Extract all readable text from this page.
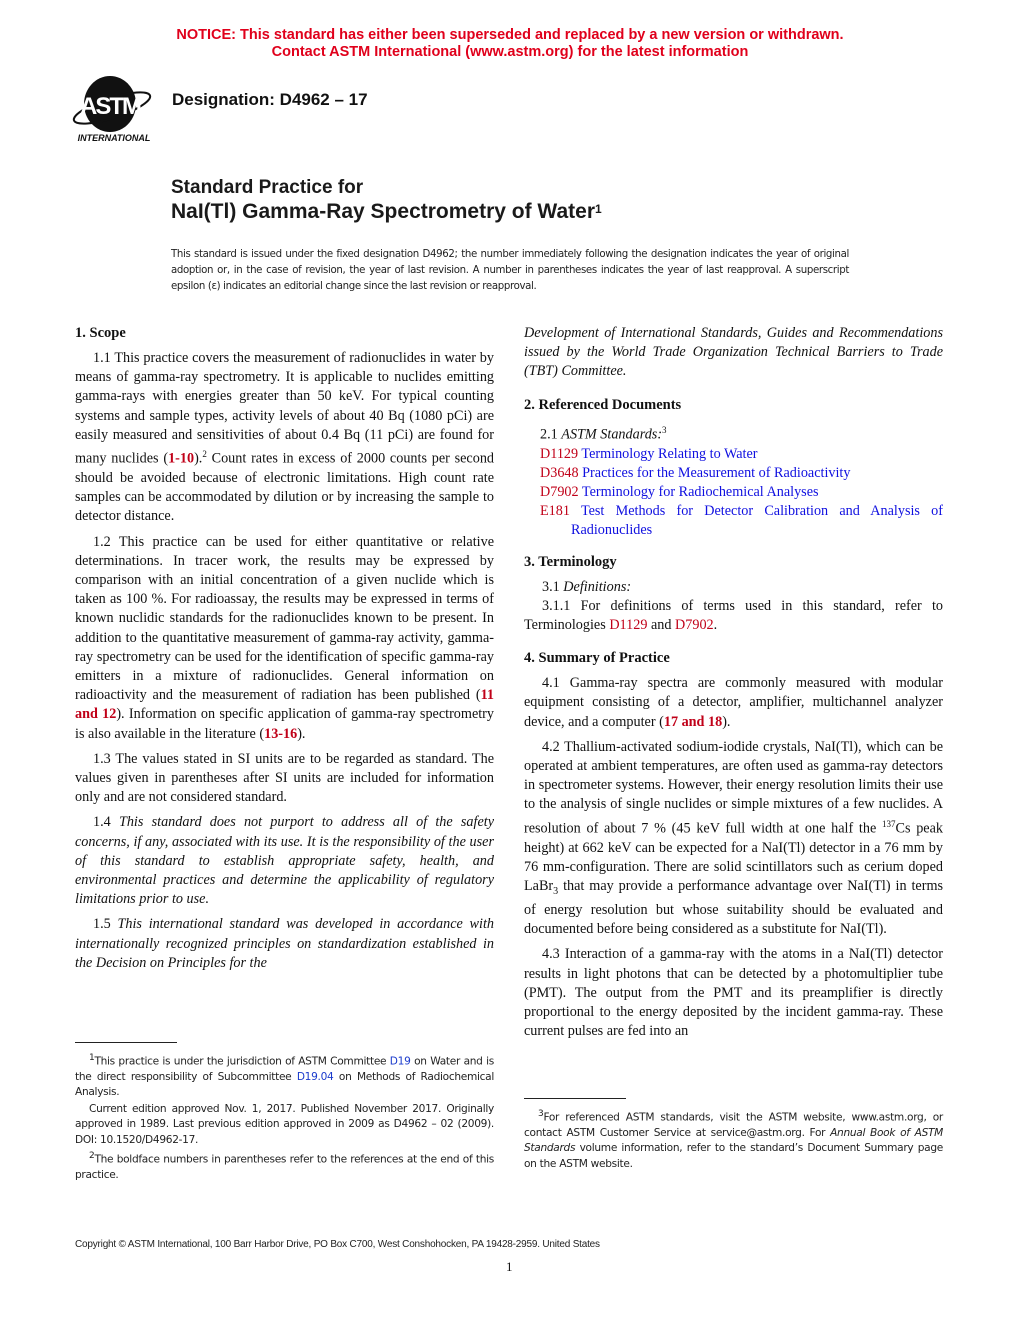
NOTICE: This standard has either been superseded and replaced by a new version or withdrawn.
Contact ASTM International (www.astm.org) for the latest information
ASTM
INTERNATIONAL
Designation: D4962 – 17
Standard Practice for
NaI(Tl) Gamma-Ray Spectrometry of Water$^1$
This standard is issued under the fixed designation D4962; the number immediately following the designation indicates the year of original adoption or, in the case of revision, the year of last revision. A number in parentheses indicates the year of last reapproval. A superscript epsilon (ε) indicates an editorial change since the last revision or reapproval.
1. Scope

1.1 This practice covers the measurement of radionuclides in water by means of gamma-ray spectrometry. It is applicable to nuclides emitting gamma-rays with energies greater than 50 keV. For typical counting systems and sample types, activity levels of about 40 Bq (1080 pCi) are easily measured and sensitivities of about 0.4 Bq (11 pCi) are found for many nuclides (1-10).$^2$ Count rates in excess of 2000 counts per second should be avoided because of electronic limitations. High count rate samples can be accommodated by dilution or by increasing the sample to detector distance.

1.2 This practice can be used for either quantitative or relative determinations. In tracer work, the results may be expressed by comparison with an initial concentration of a given nuclide which is taken as 100 %. For radioassay, the results may be expressed in terms of known nuclidic standards for the radionuclides known to be present. In addition to the quantitative measurement of gamma-ray activity, gamma-ray spectrometry can be used for the identification of specific gamma-ray emitters in a mixture of radionuclides. General information on radioactivity and the measurement of radiation has been published (11 and 12). Information on specific application of gamma-ray spectrometry is also available in the literature (13-16).

1.3 The values stated in SI units are to be regarded as standard. The values given in parentheses after SI units are included for information only and are not considered standard.

1.4 This standard does not purport to address all of the safety concerns, if any, associated with its use. It is the responsibility of the user of this standard to establish appropriate safety, health, and environmental practices and determine the applicability of regulatory limitations prior to use.

1.5 This international standard was developed in accordance with internationally recognized principles on standardization established in the Decision on Principles for the

$^1$This practice is under the jurisdiction of ASTM Committee D19 on Water and is the direct responsibility of Subcommittee D19.04 on Methods of Radiochemical Analysis.

Current edition approved Nov. 1, 2017. Published November 2017. Originally approved in 1989. Last previous edition approved in 2009 as D4962 – 02 (2009). DOI: 10.1520/D4962-17.

$^2$The boldface numbers in parentheses refer to the references at the end of this practice.

Development of International Standards, Guides and Recommendations issued by the World Trade Organization Technical Barriers to Trade (TBT) Committee.

2. Referenced Documents
2.1 ASTM Standards:$^3$
D1129 Terminology Relating to Water
D3648 Practices for the Measurement of Radioactivity
D7902 Terminology for Radiochemical Analyses
E181 Test Methods for Detector Calibration and Analysis of Radionuclides
3. Terminology

3.1 Definitions:

3.1.1 For definitions of terms used in this standard, refer to Terminologies D1129 and D7902.

4. Summary of Practice

4.1 Gamma-ray spectra are commonly measured with modular equipment consisting of a detector, amplifier, multichannel analyzer device, and a computer (17 and 18).

4.2 Thallium-activated sodium-iodide crystals, NaI(Tl), which can be operated at ambient temperatures, are often used as gamma-ray detectors in spectrometer systems. However, their energy resolution limits their use to the analysis of single nuclides or simple mixtures of a few nuclides. A resolution of about 7 % (45 keV full width at one half the $^{137}$Cs peak height) at 662 keV can be expected for a NaI(Tl) detector in a 76 mm by 76 mm-configuration. There are solid scintillators such as cerium doped LaBr$_3$ that may provide a performance advantage over NaI(Tl) in terms of energy resolution but whose suitability should be evaluated and documented before being considered as a substitute for NaI(Tl).

4.3 Interaction of a gamma-ray with the atoms in a NaI(Tl) detector results in light photons that can be detected by a photomultiplier tube (PMT). The output from the PMT and its preamplifier is directly proportional to the energy deposited by the incident gamma-ray. These current pulses are fed into an

$^3$For referenced ASTM standards, visit the ASTM website, www.astm.org, or contact ASTM Customer Service at service@astm.org. For Annual Book of ASTM Standards volume information, refer to the standard’s Document Summary page on the ASTM website.

Copyright © ASTM International, 100 Barr Harbor Drive, PO Box C700, West Conshohocken, PA 19428-2959. United States
1
